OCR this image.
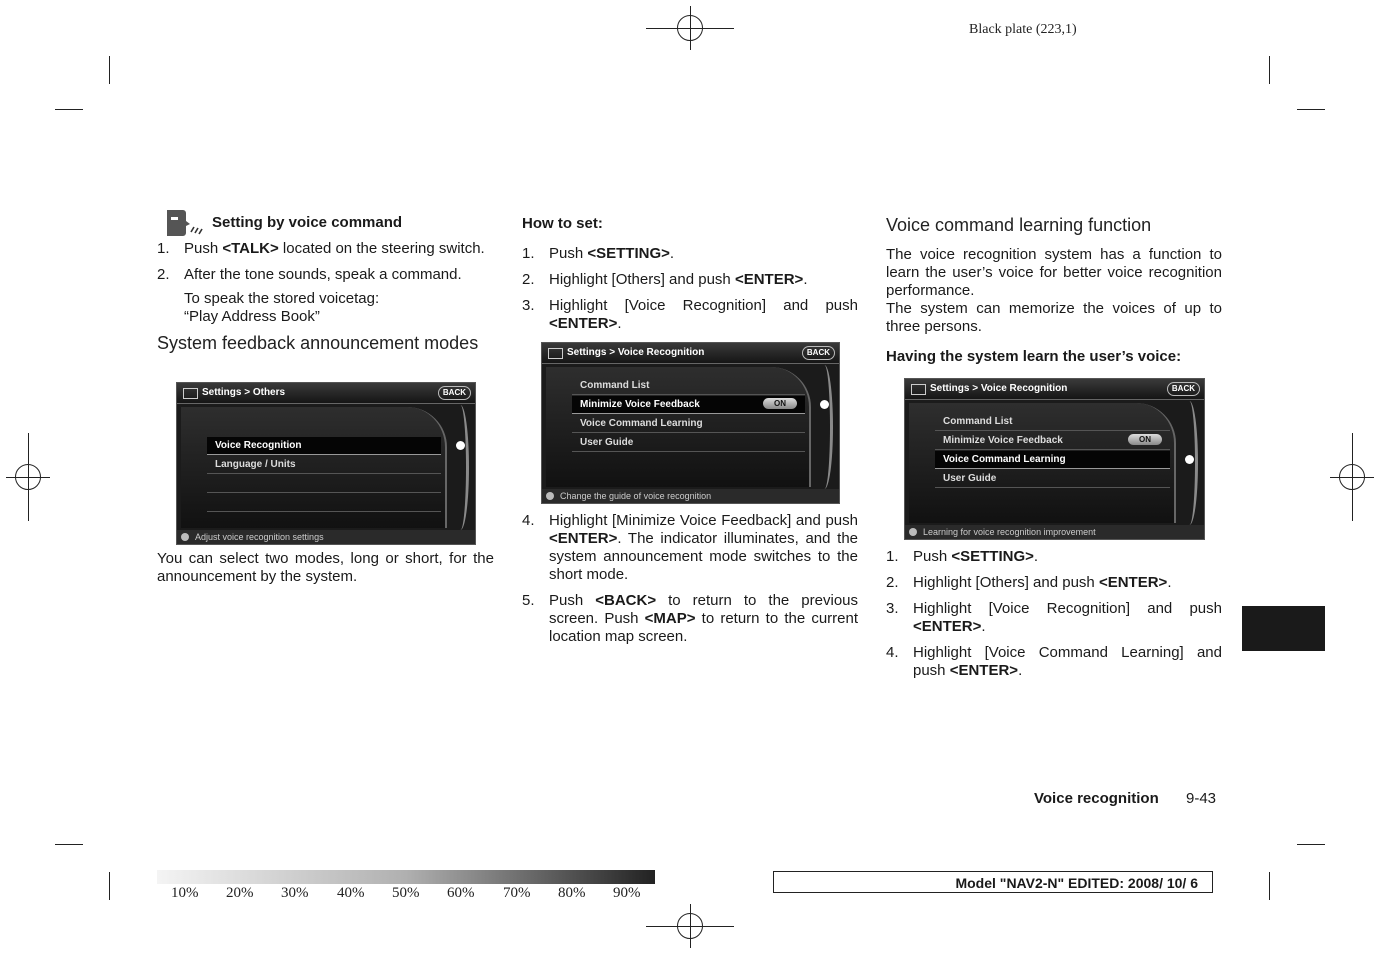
Black plate (223,1)
Setting by voice command
1. Push <TALK> located on the steering switch.
2. After the tone sounds, speak a command.

To speak the stored voicetag:

“Play Address Book”

System feedback announcement modes

Settings > Others	BACK
Voice Recognition
Language / Units
Adjust voice recognition settings
You can select two modes, long or short, for the announcement by the system.

How to set:

1. Push <SETTING>.
2. Highlight [Others] and push <ENTER>.
3. Highlight [Voice Recognition] and push <ENTER>.
Settings > Voice Recognition	BACK
Command List
Minimize Voice Feedback	ON
Voice Command Learning
User Guide
Change the guide of voice recognition
4. Highlight [Minimize Voice Feedback] and push <ENTER>. The indicator illuminates, and the system announcement mode switches to the short mode.
5. Push <BACK> to return to the previous screen. Push <MAP> to return to the current location map screen.

Voice command learning function

The voice recognition system has a function to learn the user’s voice for better voice recognition performance.

The system can memorize the voices of up to three persons.

Having the system learn the user’s voice:

Settings > Voice Recognition	BACK
Command List
Minimize Voice Feedback	ON
Voice Command Learning
User Guide
Learning for voice recognition improvement
1. Push <SETTING>.
2. Highlight [Others] and push <ENTER>.
3. Highlight [Voice Recognition] and push <ENTER>.
4. Highlight [Voice Command Learning] and push <ENTER>.
Voice recognition 9-43
10% 20% 30% 40% 50% 60% 70% 80% 90%
Model "NAV2-N" EDITED: 2008/ 10/ 6
